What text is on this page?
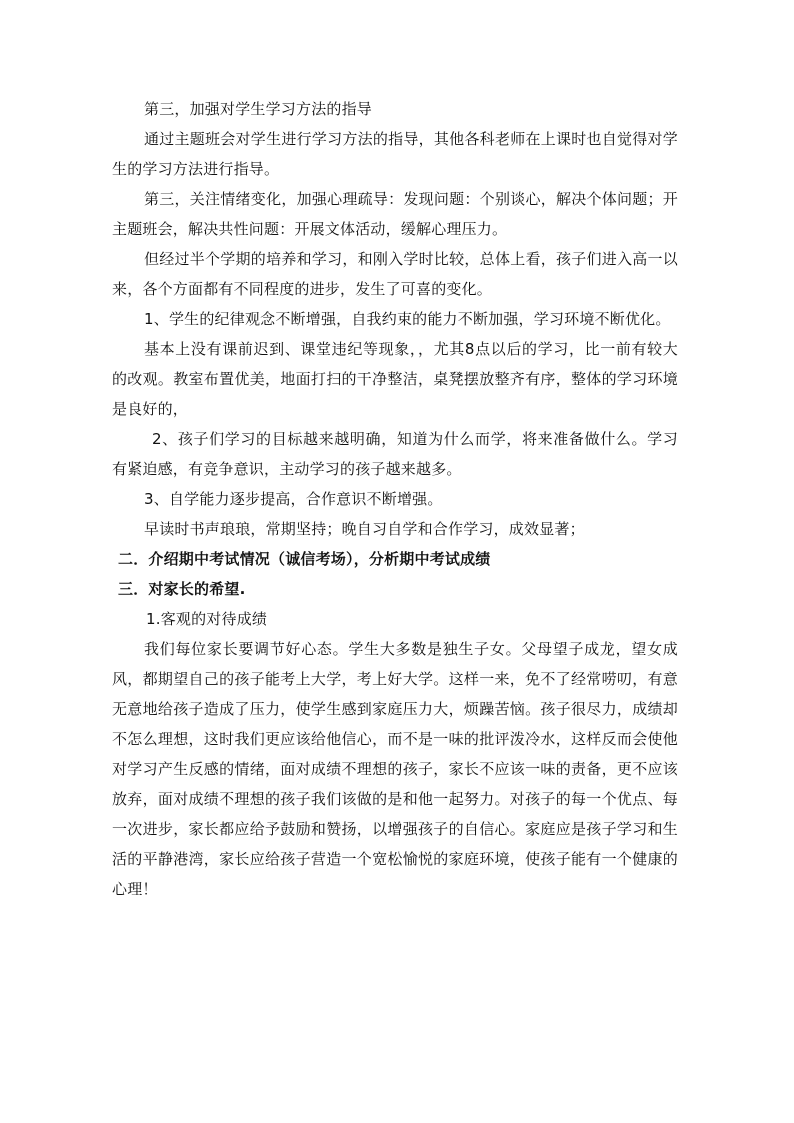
第三，加强对学生学习方法的指导

通过主题班会对学生进行学习方法的指导，其他各科老师在上课时也自觉得对学生的学习方法进行指导。

第三，关注情绪变化，加强心理疏导：发现问题：个别谈心，解决个体问题；开主题班会，解决共性问题：开展文体活动，缓解心理压力。

但经过半个学期的培养和学习，和刚入学时比较，总体上看，孩子们进入高一以来，各个方面都有不同程度的进步，发生了可喜的变化。

1、学生的纪律观念不断增强，自我约束的能力不断加强，学习环境不断优化。

基本上没有课前迟到、课堂违纪等现象，，尤其8点以后的学习，比一前有较大的改观。教室布置优美，地面打扫的干净整洁，桌凳摆放整齐有序，整体的学习环境是良好的，

2、孩子们学习的目标越来越明确，知道为什么而学，将来准备做什么。学习有紧迫感，有竞争意识，主动学习的孩子越来越多。

3、自学能力逐步提高，合作意识不断增强。

早读时书声琅琅，常期坚持；晚自习自学和合作学习，成效显著；

二．介绍期中考试情况（诚信考场），分析期中考试成绩

三．对家长的希望.

1.客观的对待成绩

我们每位家长要调节好心态。学生大多数是独生子女。父母望子成龙，望女成风，都期望自己的孩子能考上大学，考上好大学。这样一来，免不了经常唠叨，有意无意地给孩子造成了压力，使学生感到家庭压力大，烦躁苦恼。孩子很尽力，成绩却不怎么理想，这时我们更应该给他信心，而不是一味的批评泼冷水，这样反而会使他对学习产生反感的情绪，面对成绩不理想的孩子，家长不应该一味的责备，更不应该放弃，面对成绩不理想的孩子我们该做的是和他一起努力。对孩子的每一个优点、每一次进步，家长都应给予鼓励和赞扬，以增强孩子的自信心。家庭应是孩子学习和生活的平静港湾，家长应给孩子营造一个宽松愉悦的家庭环境，使孩子能有一个健康的心理！
